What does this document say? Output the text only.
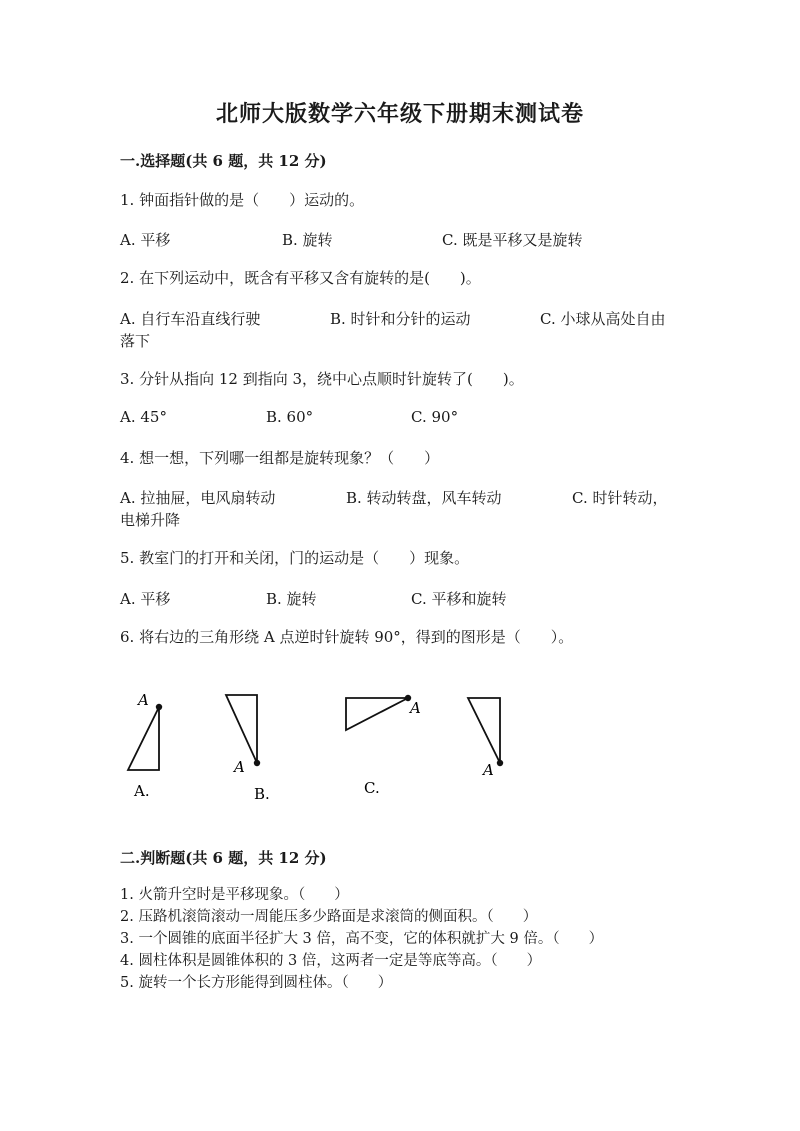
北师大版数学六年级下册期末测试卷
一.选择题(共 6 题，共 12 分)
1. 钟面指针做的是（　　）运动的。
A. 平移	B. 旋转	C. 既是平移又是旋转
2. 在下列运动中，既含有平移又含有旋转的是(　　)。
A. 自行车沿直线行驶	B. 时针和分针的运动	C. 小球从高处自由
落下
3. 分针从指向 12 到指向 3，绕中心点顺时针旋转了(　　)。
A. 45°	B. 60°	C. 90°
4. 想一想，下列哪一组都是旋转现象？（　　）
A. 拉抽屉，电风扇转动	B. 转动转盘，风车转动	C. 时针转动，
电梯升降
5. 教室门的打开和关闭，门的运动是（　　）现象。
A. 平移	B. 旋转	C. 平移和旋转
6. 将右边的三角形绕 A 点逆时针旋转 90°，得到的图形是（　　）。
A
A.
A
B.
A
C.
A
二.判断题(共 6 题，共 12 分)
1. 火箭升空时是平移现象。（　　）
2. 压路机滚筒滚动一周能压多少路面是求滚筒的侧面积。（　　）
3. 一个圆锥的底面半径扩大 3 倍，高不变，它的体积就扩大 9 倍。（　　）
4. 圆柱体积是圆锥体积的 3 倍，这两者一定是等底等高。（　　）
5. 旋转一个长方形能得到圆柱体。（　　）
